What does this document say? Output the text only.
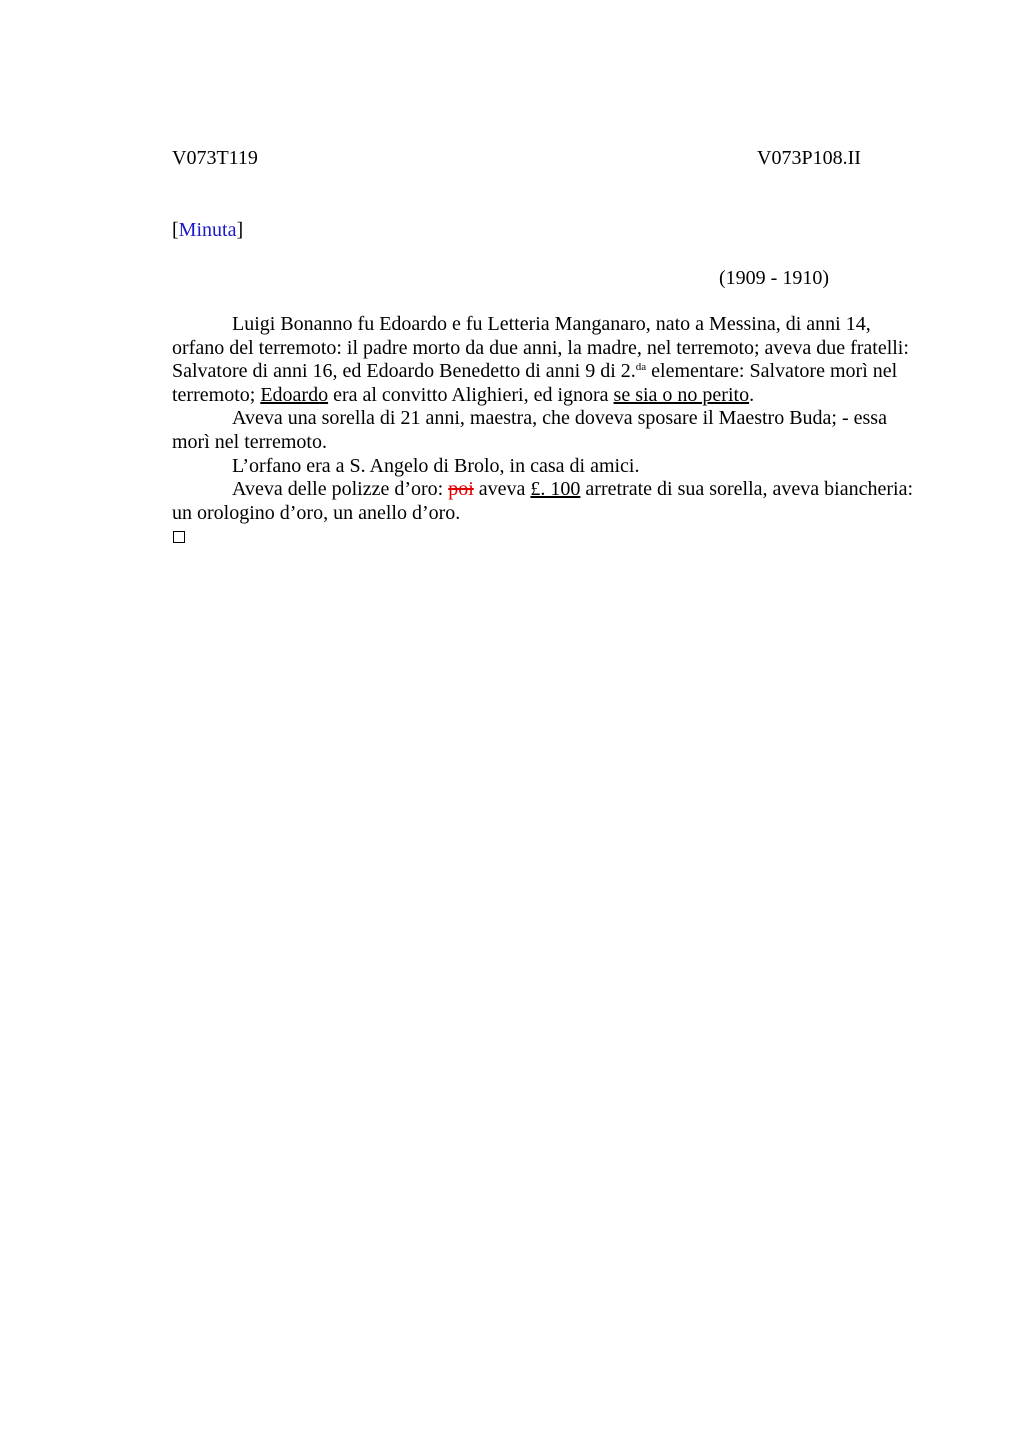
V073T119	V073P108.II
[Minuta]
(1909 - 1910)

Luigi Bonanno fu Edoardo e fu Letteria Manganaro, nato a Messina, di anni 14, orfano del terremoto: il padre morto da due anni, la madre, nel terremoto; aveva due fratelli: Salvatore di anni 16, ed Edoardo Benedetto di anni 9 di 2.$^{da}$ elementare: Salvatore morì nel terremoto; Edoardo era al convitto Alighieri, ed ignora se sia o no perito.

Aveva una sorella di 21 anni, maestra, che doveva sposare il Maestro Buda; - essa morì nel terremoto.

L’orfano era a S. Angelo di Brolo, in casa di amici.

Aveva delle polizze d’oro: poi aveva £. 100 arretrate di sua sorella, aveva biancheria: un orologino d’oro, un anello d’oro.
